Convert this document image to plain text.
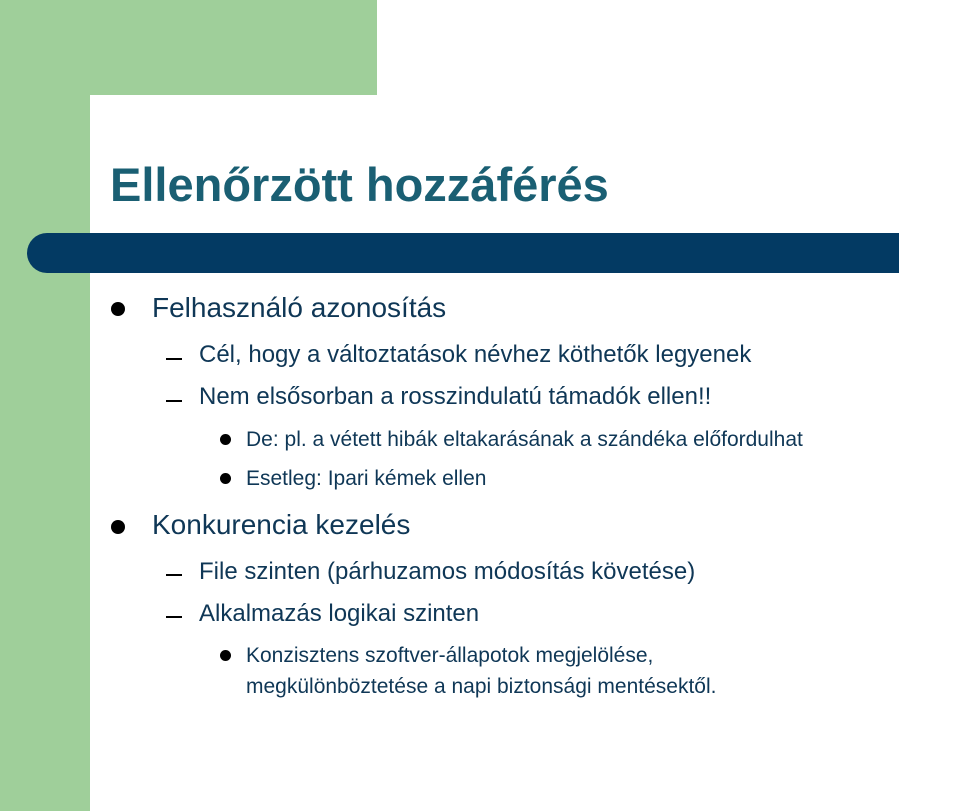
Ellenőrzött hozzáférés
Felhasználó azonosítás
Cél, hogy a változtatások névhez köthetők legyenek
Nem elsősorban a rosszindulatú támadók ellen!!
De: pl. a vétett hibák eltakarásának a szándéka előfordulhat
Esetleg: Ipari kémek ellen
Konkurencia kezelés
File szinten (párhuzamos módosítás követése)
Alkalmazás logikai szinten
Konzisztens szoftver-állapotok megjelölése,
megkülönböztetése a napi biztonsági mentésektől.
